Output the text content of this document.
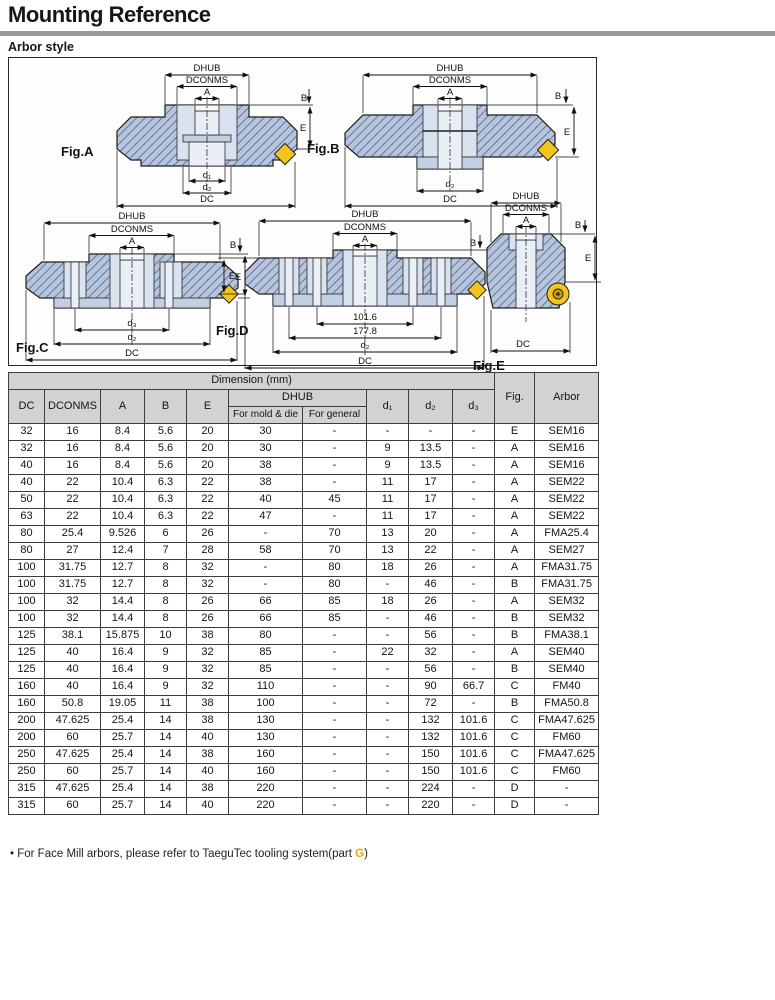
Mounting Reference
Arbor style
DHUB
DCONMS
A
B
E
d₁
d₂
DC
Fig.A
DHUB
DCONMS
A	B
E
d₂
DC
Fig.B
DHUB
DCONMS
A	B
E
d₃
d₂
DC
Fig.C
DHUB
DCONMS
A	B
E
101.6
177.8
d₂
DC
Fig.D
DHUB
DCONMS
A	B
E
DC
Fig.E
Dimension (mm)										Fig.	Arbor
DC	DCONMS	A	B	E	DHUB		d₁	d₂	d₃		
					For mold & die	For general					
32	16	8.4	5.6	20	30	-	-	-	-	E	SEM16
32	16	8.4	5.6	20	30	-	9	13.5	-	A	SEM16
40	16	8.4	5.6	20	38	-	9	13.5	-	A	SEM16
40	22	10.4	6.3	22	38	-	11	17	-	A	SEM22
50	22	10.4	6.3	22	40	45	11	17	-	A	SEM22
63	22	10.4	6.3	22	47	-	11	17	-	A	SEM22
80	25.4	9.526	6	26	-	70	13	20	-	A	FMA25.4
80	27	12.4	7	28	58	70	13	22	-	A	SEM27
100	31.75	12.7	8	32	-	80	18	26	-	A	FMA31.75
100	31.75	12.7	8	32	-	80	-	46	-	B	FMA31.75
100	32	14.4	8	26	66	85	18	26	-	A	SEM32
100	32	14.4	8	26	66	85	-	46	-	B	SEM32
125	38.1	15.875	10	38	80	-	-	56	-	B	FMA38.1
125	40	16.4	9	32	85	-	22	32	-	A	SEM40
125	40	16.4	9	32	85	-	-	56	-	B	SEM40
160	40	16.4	9	32	110	-	-	90	66.7	C	FM40
160	50.8	19.05	11	38	100	-	-	72	-	B	FMA50.8
200	47.625	25.4	14	38	130	-	-	132	101.6	C	FMA47.625
200	60	25.7	14	40	130	-	-	132	101.6	C	FM60
250	47.625	25.4	14	38	160	-	-	150	101.6	C	FMA47.625
250	60	25.7	14	40	160	-	-	150	101.6	C	FM60
315	47.625	25.4	14	38	220	-	-	224	-	D	-
315	60	25.7	14	40	220	-	-	220	-	D	-
• For Face Mill arbors, please refer to TaeguTec tooling system(part G)
